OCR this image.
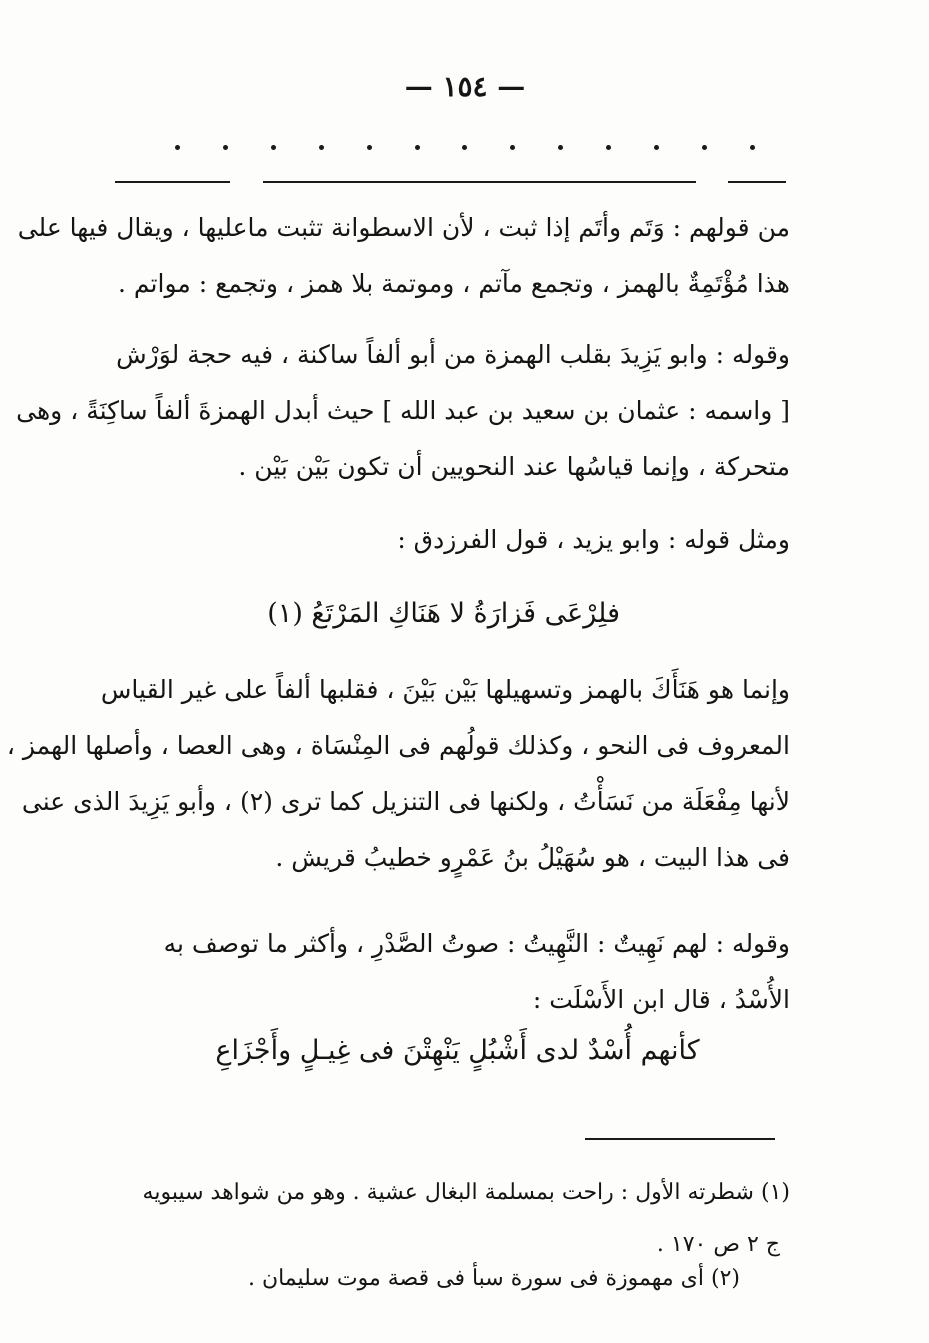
— ١٥٤ —
من قولهم : وَتَم وأتَم إذا ثبت ، لأن الاسطوانة تثبت ماعليها ، ويقال فيها على
هذا مُؤْتَمِةٌ بالهمز ، وتجمع مآتم ، وموتمة بلا همز ، وتجمع : مواتم .
وقوله : وابو يَزِيدَ بقلب الهمزة من أبو ألفاً ساكنة ، فيه حجة لوَرْش
[ واسمه : عثمان بن سعيد بن عبد الله ] حيث أبدل الهمزةَ ألفاً ساكِنَةً ، وهى
متحركة ، وإنما قياسُها عند النحويين أن تكون بَيْن بَيْن .
ومثل قوله : وابو يزيد ، قول الفرزدق :
فلِرْعَى فَزارَةُ لا هَنَاكِ المَرْتَعُ (١)
وإنما هو هَنَأَكَ بالهمز وتسهيلها بَيْن بَيْنَ ، فقلبها ألفاً على غير القياس
المعروف فى النحو ، وكذلك قولُهم فى المِنْسَاة ، وهى العصا ، وأصلها الهمز ،
لأنها مِفْعَلَة من نَسَأْتُ ، ولكنها فى التنزيل كما ترى (٢) ، وأبو يَزِيدَ الذى عنى
فى هذا البيت ، هو سُهَيْلُ بنُ عَمْرٍو خطيبُ قريش .
وقوله : لهم نَهِيتٌ : النَّهِيتُ : صوتُ الصَّدْرِ ، وأكثر ما توصف به
الأُسْدُ ، قال ابن الأَسْلَت :
كأنهم أُسْدٌ لدى أَشْبُلٍ يَنْهِتْنَ فى غِيـلٍ وأَجْزَاعِ
(١) شطرته الأول : راحت بمسلمة البغال عشية . وهو من شواهد سيبويه
ج ٢ ص ١٧٠ .
(٢) أى مهموزة فى سورة سبأ فى قصة موت سليمان .
